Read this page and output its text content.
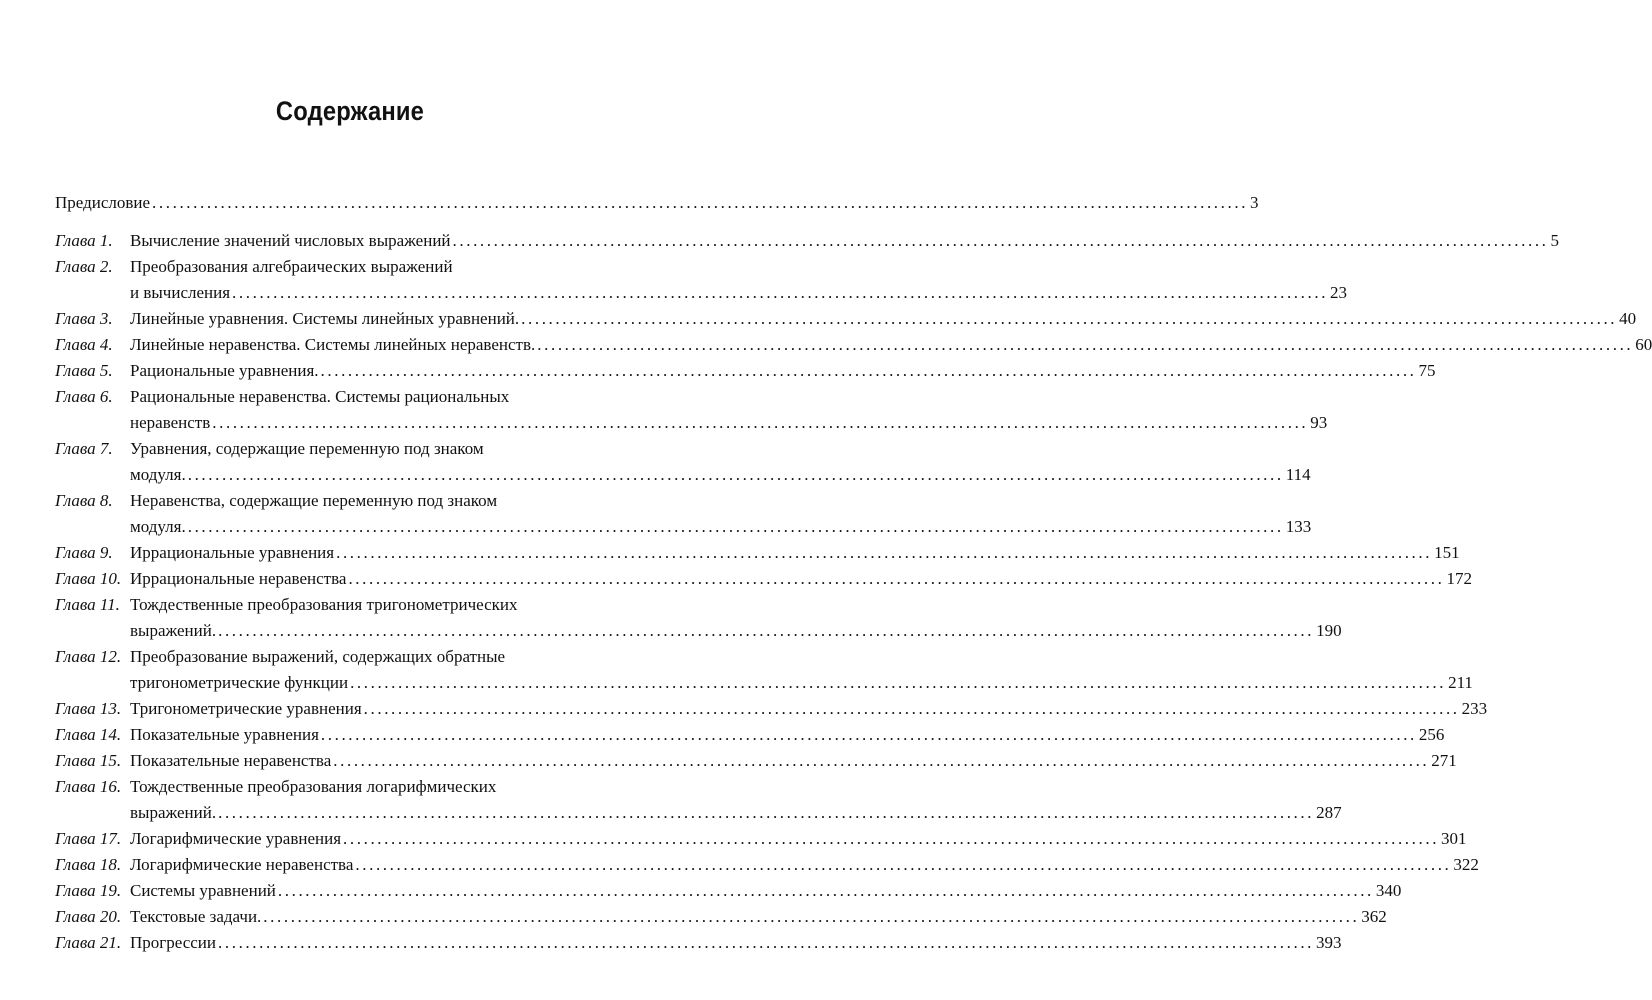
Содержание
Предисловие ................................................................................................................................................................ 3
Глава 1.	Вычисление значений числовых выражений ................................................................................................................................................................ 5
Глава 2.	Преобразования алгебраических выражений
и вычисления ................................................................................................................................................................ 23
Глава 3.	Линейные уравнения. Системы линейных уравнений. ................................................................................................................................................................ 40
Глава 4.	Линейные неравенства. Системы линейных неравенств. ................................................................................................................................................................ 60
Глава 5.	Рациональные уравнения. ................................................................................................................................................................ 75
Глава 6.	Рациональные неравенства. Системы рациональных
неравенств ................................................................................................................................................................ 93
Глава 7.	Уравнения, содержащие переменную под знаком
модуля. ................................................................................................................................................................ 114
Глава 8.	Неравенства, содержащие переменную под знаком
модуля. ................................................................................................................................................................ 133
Глава 9.	Иррациональные уравнения ................................................................................................................................................................ 151
Глава 10. Иррациональные неравенства ................................................................................................................................................................ 172
Глава 11. Тождественные преобразования тригонометрических
выражений. ................................................................................................................................................................ 190
Глава 12. Преобразование выражений, содержащих обратные
тригонометрические функции ................................................................................................................................................................ 211
Глава 13. Тригонометрические уравнения ................................................................................................................................................................ 233
Глава 14. Показательные уравнения ................................................................................................................................................................ 256
Глава 15. Показательные неравенства ................................................................................................................................................................ 271
Глава 16. Тождественные преобразования логарифмических
выражений. ................................................................................................................................................................ 287
Глава 17. Логарифмические уравнения ................................................................................................................................................................ 301
Глава 18. Логарифмические неравенства ................................................................................................................................................................ 322
Глава 19. Системы уравнений ................................................................................................................................................................ 340
Глава 20. Текстовые задачи. ................................................................................................................................................................ 362
Глава 21. Прогрессии ................................................................................................................................................................ 393
